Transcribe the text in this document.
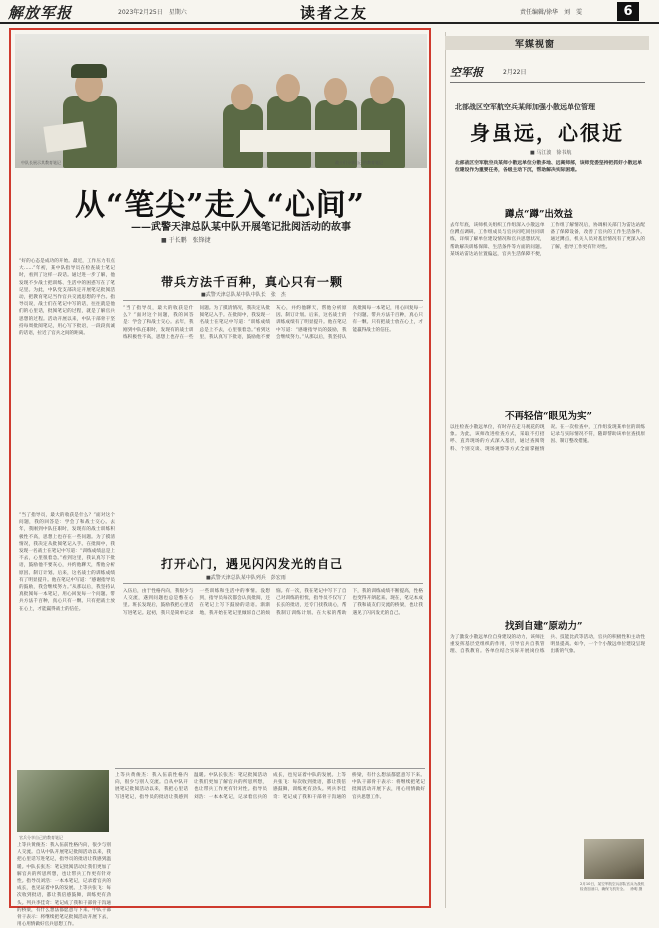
解放军报	2023年2月25日　星期六	读者之友	责任编辑/徐华　刘　雯	6
中队长展示其教育笔记	战士们分享自己的教育笔记
从“笔尖”走入“心间”
——武警天津总队某中队开展笔记批阅活动的故事
■ 于长鹏　张锋捷
“好的心态是成功的开始。最近，工作压力有点大……”年初，某中队指导员在检查战士笔记时，看到了这样一段话。通过进一步了解，他发现不少战士把训练、生活中的困惑写在了笔记里。为此，中队党支部决定开展笔记批阅活动，把教育笔记当作官兵交流思想的平台。指导员说，战士们在笔记中写的话，往往就是他们的心里话，批阅笔记的过程，就是了解官兵思想的过程。活动开展以来，中队干部骨干坚持每周批阅笔记，用心写下批语，一段段真诚的话语，拉近了官兵之间的距离。
带兵方法千百种，真心只有一颗
■武警天津总队某中队中队长　张　杰
“当了指导员，最大的收获是什么？”面对这个问题，我的回答是：学会了和战士交心。去年，我刚到中队任职时，发现有的战士训练积极性不高，思想上也存在一些问题。为了摸清情况，我决定从批阅笔记入手。在批阅中，我发现一名战士在笔记中写道：“训练成绩总是上不去，心里很着急。”看到这里，我认真写下批语，鼓励他不要灰心，并约他聊天，帮他分析原因、制订计划。后来，这名战士的训练成绩有了明显提升。他在笔记中写道：“感谢指导员的鼓励，我会继续努力。”从那以后，我坚持认真批阅每一本笔记，用心回复每一个问题。带兵方法千百种，真心只有一颗。只有把战士放在心上，才能赢得战士的信任。
“当了指导员，最大的收获是什么？”面对这个问题，我的回答是：学会了和战士交心。去年，我刚到中队任职时，发现有的战士训练积极性不高，思想上也存在一些问题。为了摸清情况，我决定从批阅笔记入手。在批阅中，我发现一名战士在笔记中写道：“训练成绩总是上不去，心里很着急。”看到这里，我认真写下批语，鼓励他不要灰心，并约他聊天，帮他分析原因、制订计划。后来，这名战士的训练成绩有了明显提升。他在笔记中写道：“感谢指导员的鼓励，我会继续努力。”从那以后，我坚持认真批阅每一本笔记，用心回复每一个问题。带兵方法千百种，真心只有一颗。只有把战士放在心上，才能赢得战士的信任。
打开心门，遇见闪闪发光的自己
■武警天津总队某中队列兵　彭宏雨
入伍后，由于性格内向，我很少与人交流，遇到问题也总是憋在心里。班长发现后，鼓励我把心里话写进笔记。起初，我只是简单记录一些训练和生活中的事情。没想到，指导员每次都会认真批阅，还在笔记上写下鼓励的话语。渐渐地，我开始在笔记里倾诉自己的烦恼。有一次，我在笔记中写下了自己对训练的担忧，指导员不仅写了长长的批语，还专门找我谈心，帮我制订训练计划。在大家的帮助下，我的训练成绩不断提高，性格也变得开朗起来。现在，笔记本成了我和战友们交流的桥梁，也让我遇见了闪闪发光的自己。
官兵分享自己的教育笔记
上等兵黄俊杰：我入伍前性格内向，很少与别人交流。自从中队开展笔记批阅活动以来，我把心里话写进笔记，指导员的批语让我感到温暖。中队长张杰：笔记批阅活动让我们更加了解官兵的所思所想，也让带兵工作更有针对性。指导员刘浩：一本本笔记，记录着官兵的成长，也见证着中队的发展。上等兵张飞：每次收到批语，都让我倍感鼓舞，训练更有劲头。列兵李佳奇：笔记成了我和干部骨干沟通的桥梁，有什么想法都愿意写下来。中队干部骨干表示：将继续把笔记批阅活动开展下去，用心用情做好官兵思想工作。
上等兵黄俊杰：我入伍前性格内向，很少与别人交流。自从中队开展笔记批阅活动以来，我把心里话写进笔记，指导员的批语让我感到温暖。中队长张杰：笔记批阅活动让我们更加了解官兵的所思所想，也让带兵工作更有针对性。指导员刘浩：一本本笔记，记录着官兵的成长，也见证着中队的发展。上等兵张飞：每次收到批语，都让我倍感鼓舞，训练更有劲头。列兵李佳奇：笔记成了我和干部骨干沟通的桥梁，有什么想法都愿意写下来。中队干部骨干表示：将继续把笔记批阅活动开展下去，用心用情做好官兵思想工作。
军媒视窗
空军报	2月22日
北部战区空军航空兵某师加强小散远单位管理
身虽远，心很近
■ 马江波　徐书航
北部战区空军航空兵某师小散远单位分散多地、远离师部，该师党委坚持把抓好小散远单位建设作为重要任务，各级主动下沉，帮助解决实际困难。
蹲点“蹲”出效益
去年年底，该师机关组织工作组深入小散远单位蹲点调研。工作组成员与官兵同吃同住同训练，详细了解单位建设情况和官兵思想状况，帮助解决训练保障、生活条件等方面的问题。某场站雷达站位置偏远，官兵生活保障不便，工作组了解情况后，协调相关部门为雷达站配备了保障设备，改善了官兵的工作生活条件。通过蹲点，机关人员对基层情况有了更深入的了解，指导工作更有针对性。
不再轻信“眼见为实”
以往检查小散远单位，有时存在走马观花的现象。为此，该师改进检查方式，采取不打招呼、直奔现场的方式深入基层，通过查阅资料、个别交谈、现场观察等方式全面掌握情况。在一次检查中，工作组发现某单位的训练记录与实际情况不符，随即帮助该单位查找原因、制订整改措施。
找到自建“原动力”
为了激发小散远单位自身建设的动力，该师注重发挥基层党组织的作用，引导官兵自我管理、自我教育。各单位结合实际开展岗位练兵、技能比武等活动，官兵的积极性和主动性明显提高。如今，一个个小散远单位建设呈现出新的气象。
2月10日，某空军航空兵部队官兵为战机检查加油口，确保飞机安全。　徐明 摄
